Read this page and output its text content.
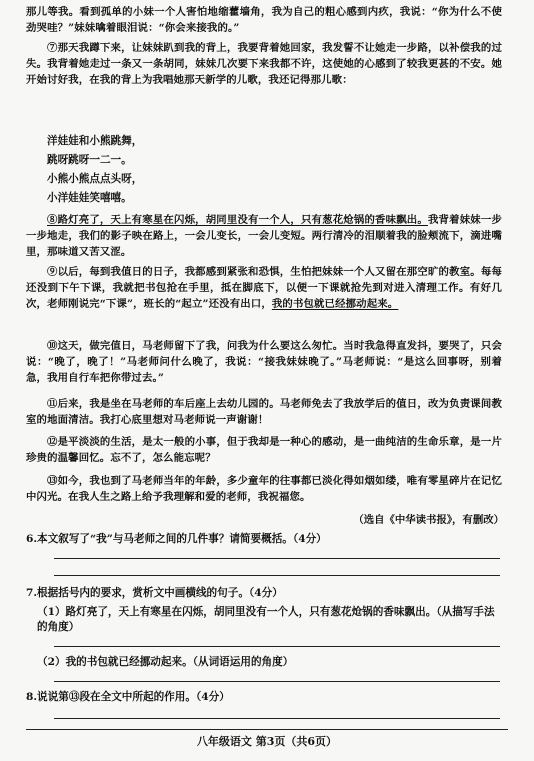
那儿等我。看到孤单的小妹一个人害怕地缩藿墙角，我为自己的粗心感到内疚，我说：“你为什么不使劲哭哇？”妹妹噙着眼泪说：“你会来接我的。”
⑦那天我蹲下来，让妹妹趴到我的背上，我要背着她回家，我发誓不让她走一步路，以补偿我的过失。我背着她走过一条又一条胡同，妹妹几次要下来我都不许，这使她的心感到了较我更甚的不安。她开始讨好我，在我的背上为我唱她那天新学的儿歌，我还记得那儿歌：
洋娃娃和小熊跳舞，
跳呀跳呀一二一。
小熊小熊点点头呀，
小洋娃娃笑嘻嘻。
⑧路灯亮了，天上有寒星在闪烁，胡同里没有一个人，只有葱花炝锅的香味飘出。我背着妹妹一步一步地走，我们的影子映在路上，一会儿变长，一会儿变短。两行清冷的泪顺着我的脸颊流下，滴进嘴里，那味道又苦又涩。
⑨以后，每到我值日的日子，我都感到紧张和恐惧，生怕把妹妹一个人又留在那空旷的教室。每每还没到下午下课，我就把书包抢在手里，抵在脚底下，以便一下课就抢先到对进入清理工作。有好几次，老师刚说完“下课”，班长的“起立”还没有出口，我的书包就已经挪动起来。
⑩这天，做完值日，马老师留下了我，问我为什么要这么匆忙。当时我急得直发抖，要哭了，只会说：“晚了，晚了！”马老师问什么晚了，我说：“接我妹妹晚了。”马老师说：“是这么回事呀，别着急，我用自行车把你带过去。”
⑪后来，我是坐在马老师的车后座上去幼儿园的。马老师免去了我放学后的值日，改为负责课间教室的地面清洁。我打心底里想对马老师说一声谢谢！
⑫是平淡淡的生活，是太一般的小事，但于我却是一种心的感动，是一曲纯洁的生命乐章，是一片珍贵的温馨回忆。忘不了，怎么能忘呢？
⑬如今，我也到了马老师当年的年龄，多少童年的往事都已淡化得如烟如缕，唯有零星碎片在记忆中闪光。在我人生之路上给予我理解和爱的老师，我祝福您。
（选自《中华读书报》，有删改）
6.本文叙写了“我”与马老师之间的几件事？请简要概括。（4分）
7.根据括号内的要求，赏析文中画横线的句子。（4分）
（1）路灯亮了，天上有寒星在闪烁，胡同里没有一个人，只有葱花炝锅的香味飘出。（从描写手法的角度）
（2）我的书包就已经挪动起来。（从词语运用的角度）
8.说说第⑬段在全文中所起的作用。（4分）
八年级语文 第3页（共6页）
